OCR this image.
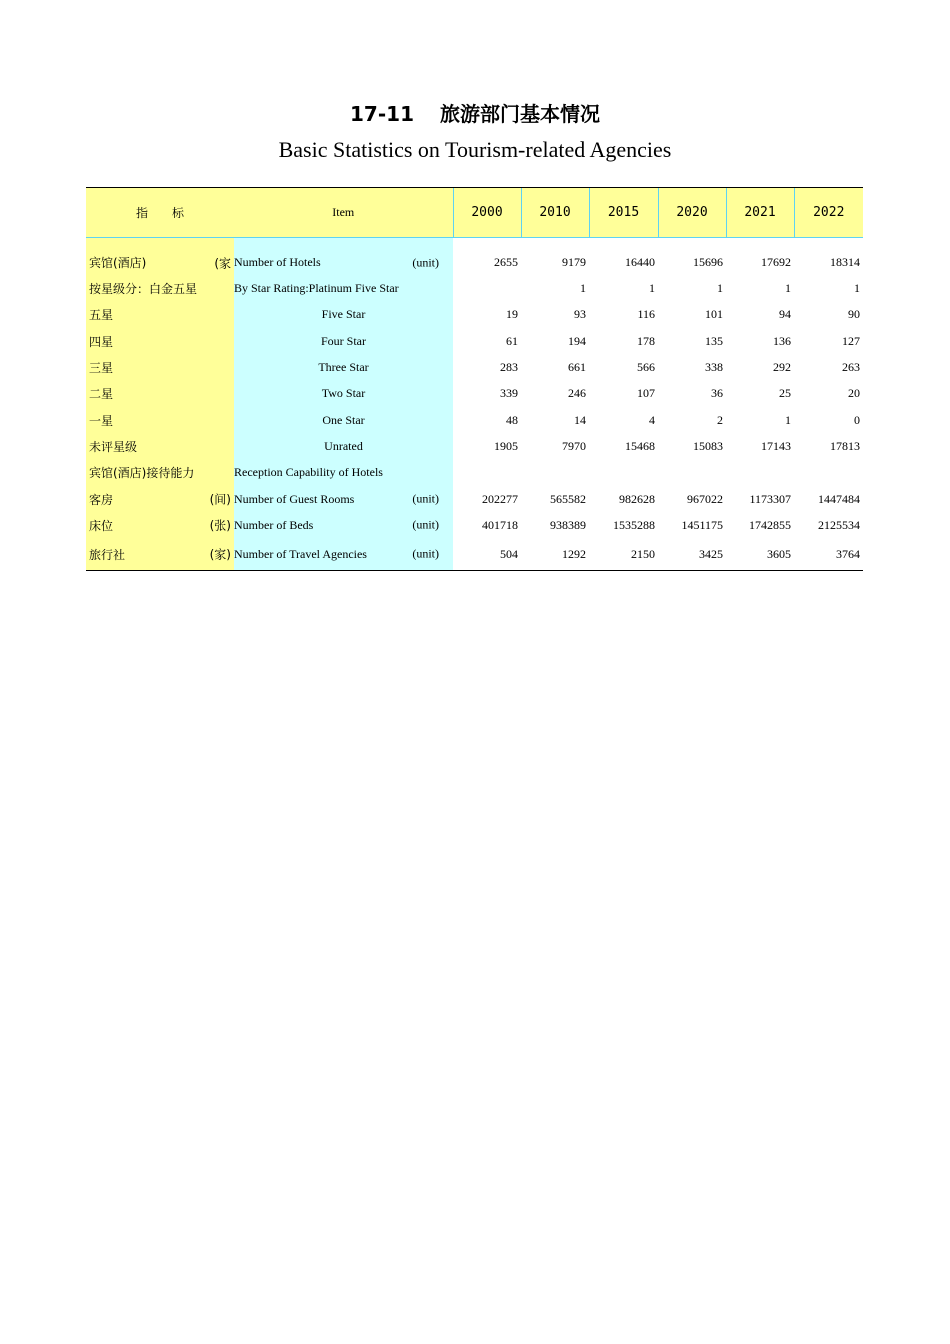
17-11 旅游部门基本情况
Basic Statistics on Tourism-related Agencies
指 标	Item	2000	2010	2015	2020	2021	2022
宾馆(酒店) (家	Number of Hotels (unit)	2655	9179	16440	15696	17692	18314
按星级分：白金五星	By Star Rating:Platinum Five Star		1	1	1	1	1
五星	Five Star	19	93	116	101	94	90
四星	Four Star	61	194	178	135	136	127
三星	Three Star	283	661	566	338	292	263
二星	Two Star	339	246	107	36	25	20
一星	One Star	48	14	4	2	1	0
未评星级	Unrated	1905	7970	15468	15083	17143	17813
宾馆(酒店)接待能力	Reception Capability of Hotels						
客房 (间)	Number of Guest Rooms (unit)	202277	565582	982628	967022	1173307	1447484
床位 (张)	Number of Beds (unit)	401718	938389	1535288	1451175	1742855	2125534
旅行社 (家)	Number of Travel Agencies (unit)	504	1292	2150	3425	3605	3764
